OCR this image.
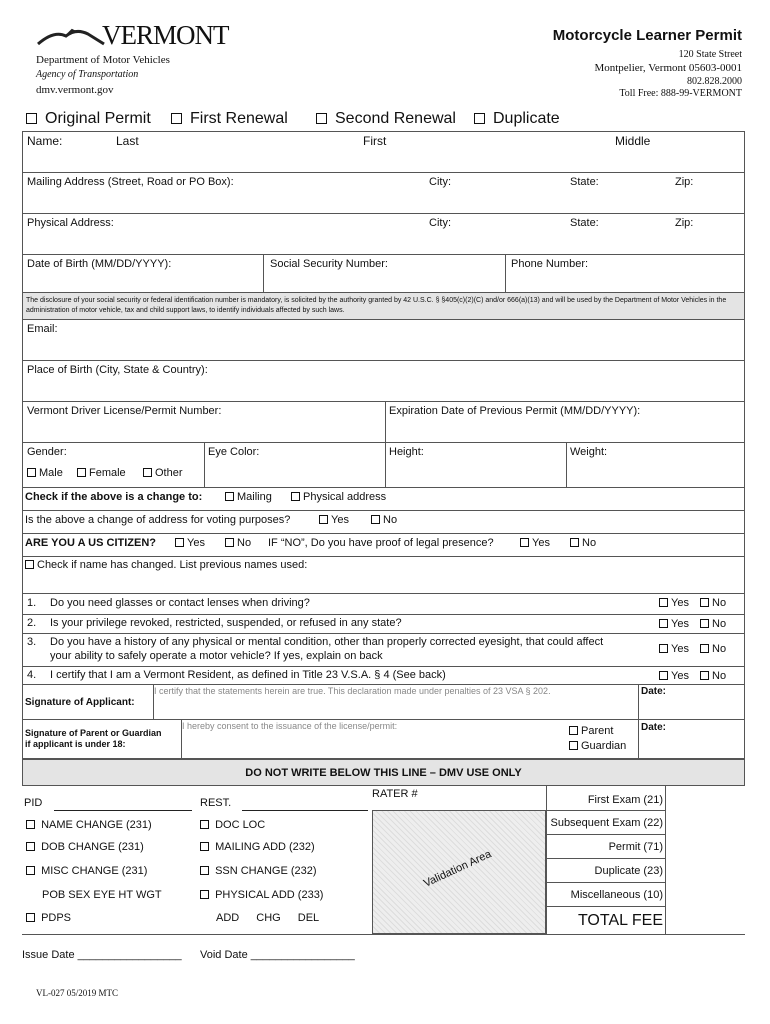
VERMONT
Department of Motor Vehicles
Agency of Transportation
dmv.vermont.gov
Motorcycle Learner Permit
120 State Street
Montpelier, Vermont 05603-0001
802.828.2000
Toll Free: 888-99-VERMONT
Original Permit	First Renewal	Second Renewal	Duplicate
Name:	Last	First	Middle
Mailing Address (Street, Road or PO Box):	City:	State:	Zip:
Physical Address:	City:	State:	Zip:
Date of Birth (MM/DD/YYYY):	Social Security Number:	Phone Number:
The disclosure of your social security or federal identification number is mandatory, is solicited by the authority granted by 42 U.S.C. § §405(c)(2)(C) and/or 666(a)(13) and will be used by the Department of Motor Vehicles in the administration of motor vehicle, tax and child support laws, to identify individuals affected by such laws.
Email:
Place of Birth (City, State & Country):
Vermont Driver License/Permit Number:	Expiration Date of Previous Permit (MM/DD/YYYY):
Gender:	Eye Color:	Height:	Weight:
Male	Female	Other
Check if the above is a change to:	Mailing	Physical address
Is the above a change of address for voting purposes?	Yes	No
ARE YOU A US CITIZEN?	Yes	No IF “NO”, Do you have proof of legal presence?	Yes	No
Check if name has changed. List previous names used:
1. Do you need glasses or contact lenses when driving?	Yes	No
2. Is your privilege revoked, restricted, suspended, or refused in any state?	Yes	No
3. Do you have a history of any physical or mental condition, other than properly corrected eyesight, that could affect
your ability to safely operate a motor vehicle? If yes, explain on back
Yes	No
4. I certify that I am a Vermont Resident, as defined in Title 23 V.S.A. § 4 (See back)	Yes	No
Signature of Applicant:
I certify that the statements herein are true. This declaration made under penalties of 23 VSA § 202.	Date:
Signature of Parent or Guardian
if applicant is under 18:
I hereby consent to the issuance of the license/permit:	Parent
Guardian
Date:
DO NOT WRITE BELOW THIS LINE – DMV USE ONLY
PID	REST.
RATER #
NAME CHANGE (231)
DOB CHANGE (231)
MISC CHANGE (231)
POB SEX EYE HT WGT
PDPS
DOC LOC
MAILING ADD (232)
SSN CHANGE (232)
PHYSICAL ADD (233)
ADD CHG DEL
Validation Area
First Exam (21)
Subsequent Exam (22)
Permit (71)
Duplicate (23)
Miscellaneous (10)
TOTAL FEE
Issue Date _________________ Void Date _________________
VL-027 05/2019 MTC
